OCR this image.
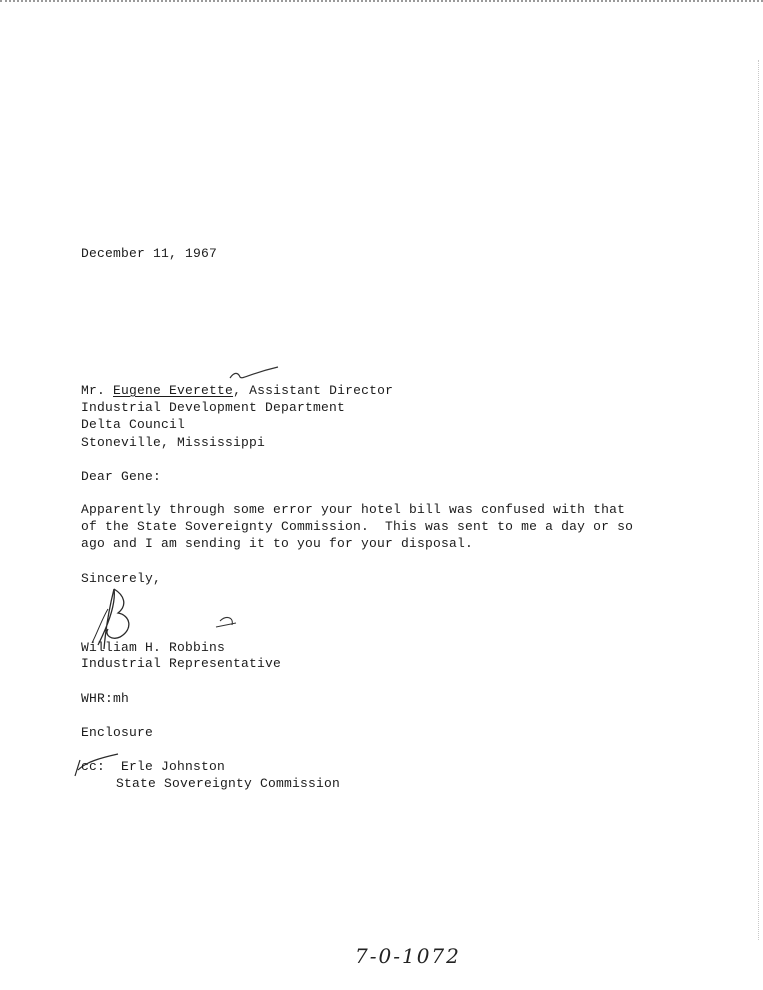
December 11, 1967
Mr. Eugene Everette, Assistant Director
Industrial Development Department
Delta Council
Stoneville, Mississippi
Dear Gene:
Apparently through some error your hotel bill was confused with that
of the State Sovereignty Commission.  This was sent to me a day or so
ago and I am sending it to you for your disposal.
Sincerely,
William H. Robbins
Industrial Representative
WHR:mh
Enclosure
cc: Erle Johnston
State Sovereignty Commission
7-0-1072
